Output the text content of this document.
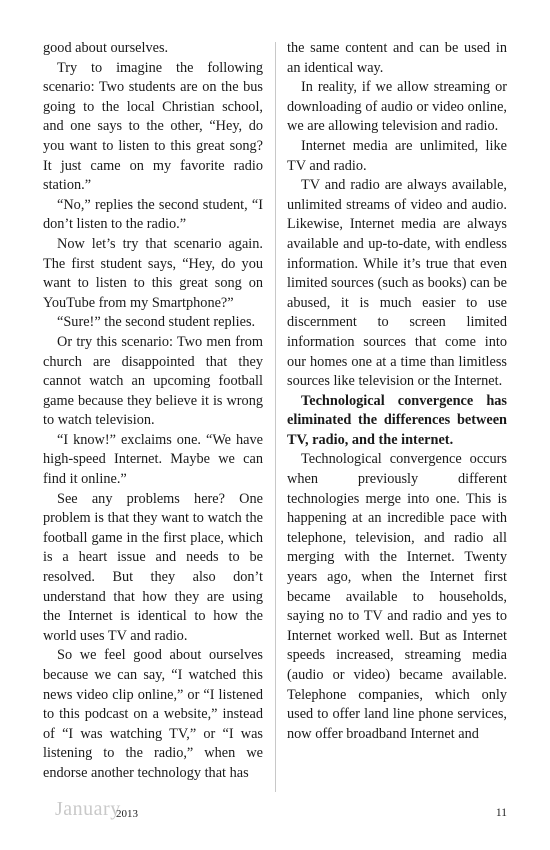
good about ourselves.

Try to imagine the following scenario: Two students are on the bus going to the local Christian school, and one says to the other, “Hey, do you want to listen to this great song? It just came on my favorite radio station.”

“No,” replies the second student, “I don’t listen to the radio.”

Now let’s try that scenario again. The first student says, “Hey, do you want to listen to this great song on YouTube from my Smartphone?”

“Sure!” the second student replies.

Or try this scenario: Two men from church are disappointed that they cannot watch an upcoming football game because they believe it is wrong to watch television.

“I know!” exclaims one. “We have high-speed Internet. Maybe we can find it online.”

See any problems here? One problem is that they want to watch the football game in the first place, which is a heart issue and needs to be resolved. But they also don’t understand that how they are using the Internet is identical to how the world uses TV and radio.

So we feel good about ourselves because we can say, “I watched this news video clip online,” or “I listened to this podcast on a website,” instead of “I was watching TV,” or “I was listening to the radio,” when we endorse another technology that has

the same content and can be used in an identical way.

In reality, if we allow streaming or downloading of audio or video online, we are allowing television and radio.

Internet media are unlimited, like TV and radio.

TV and radio are always available, unlimited streams of video and audio. Likewise, Internet media are always available and up-to-date, with endless information. While it’s true that even limited sources (such as books) can be abused, it is much easier to use discernment to screen limited information sources that come into our homes one at a time than limitless sources like television or the Internet.

Technological convergence has eliminated the differences between TV, radio, and the internet.

Technological convergence occurs when previously different technologies merge into one. This is happening at an incredible pace with telephone, television, and radio all merging with the Internet. Twenty years ago, when the Internet first became available to households, saying no to TV and radio and yes to Internet worked well. But as Internet speeds increased, streaming media (audio or video) became available. Telephone companies, which only used to offer land line phone services, now offer broadband Internet and

January
2013	11
